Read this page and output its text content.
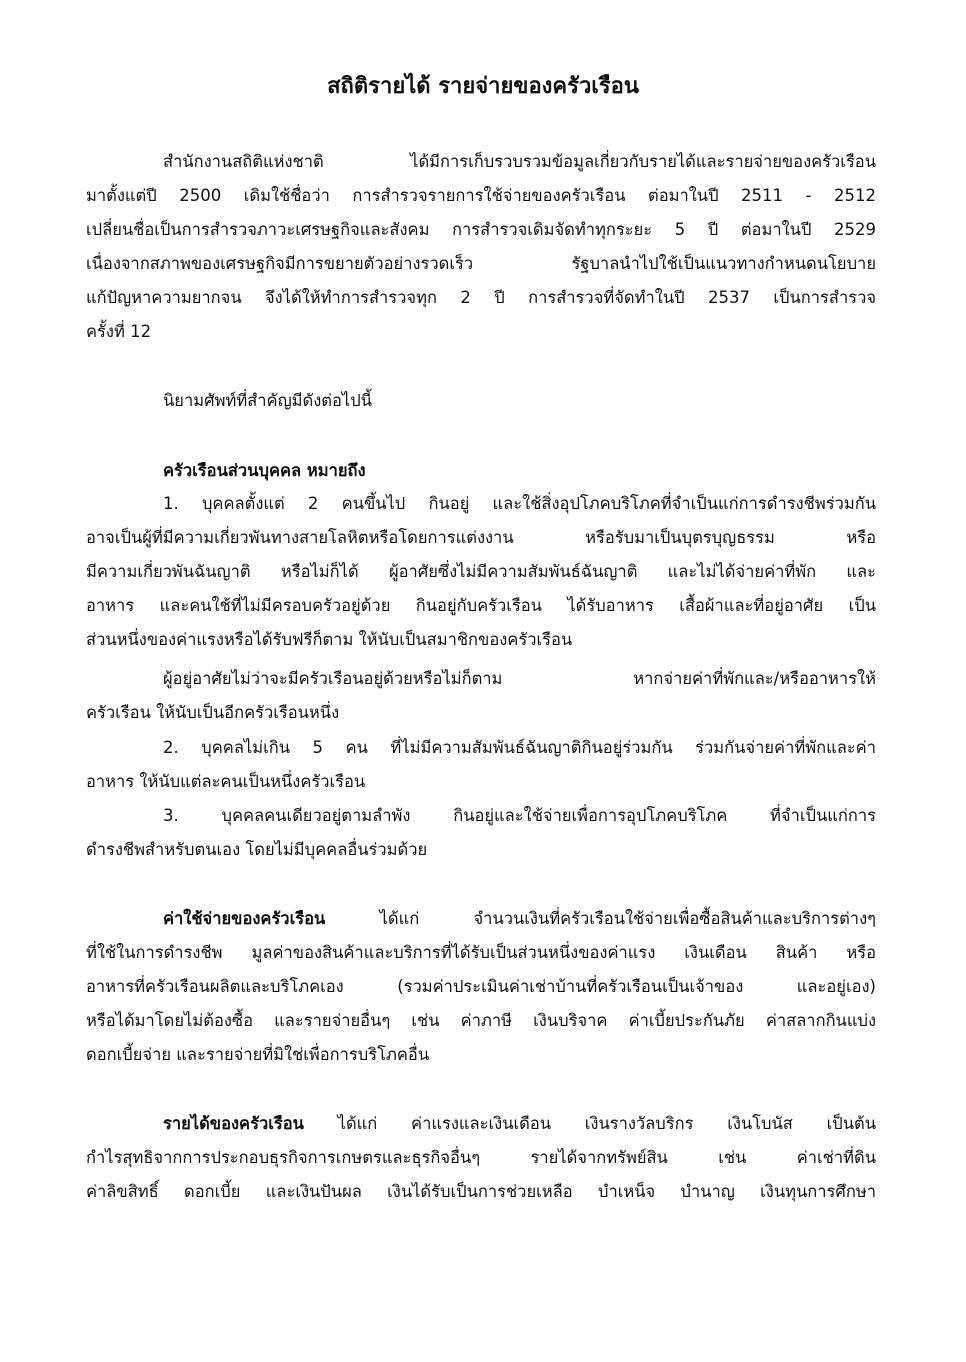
สถิติรายได้ รายจ่ายของครัวเรือน
สำนักงานสถิติแห่งชาติ ได้มีการเก็บรวบรวมข้อมูลเกี่ยวกับรายได้และรายจ่ายของครัวเรือน
มาตั้งแต่ปี 2500 เดิมใช้ชื่อว่า การสำรวจรายการใช้จ่ายของครัวเรือน ต่อมาในปี 2511 - 2512
เปลี่ยนชื่อเป็นการสำรวจภาวะเศรษฐกิจและสังคม การสำรวจเดิมจัดทำทุกระยะ 5 ปี ต่อมาในปี 2529
เนื่องจากสภาพของเศรษฐกิจมีการขยายตัวอย่างรวดเร็ว รัฐบาลนำไปใช้เป็นแนวทางกำหนดนโยบาย
แก้ปัญหาความยากจน จึงได้ให้ทำการสำรวจทุก 2 ปี การสำรวจที่จัดทำในปี 2537 เป็นการสำรวจ
ครั้งที่ 12
นิยามศัพท์ที่สำคัญมีดังต่อไปนี้
ครัวเรือนส่วนบุคคล หมายถึง
1. บุคคลตั้งแต่ 2 คนขึ้นไป กินอยู่ และใช้สิ่งอุปโภคบริโภคที่จำเป็นแก่การดำรงชีพร่วมกัน
อาจเป็นผู้ที่มีความเกี่ยวพันทางสายโลหิตหรือโดยการแต่งงาน หรือรับมาเป็นบุตรบุญธรรม หรือ
มีความเกี่ยวพันฉันญาติ หรือไม่ก็ได้ ผู้อาศัยซึ่งไม่มีความสัมพันธ์ฉันญาติ และไม่ได้จ่ายค่าที่พัก และ
อาหาร และคนใช้ที่ไม่มีครอบครัวอยู่ด้วย กินอยู่กับครัวเรือน ได้รับอาหาร เสื้อผ้าและที่อยู่อาศัย เป็น
ส่วนหนึ่งของค่าแรงหรือได้รับฟรีก็ตาม ให้นับเป็นสมาชิกของครัวเรือน
ผู้อยู่อาศัยไม่ว่าจะมีครัวเรือนอยู่ด้วยหรือไม่ก็ตาม หากจ่ายค่าที่พักและ/หรืออาหารให้
ครัวเรือน ให้นับเป็นอีกครัวเรือนหนึ่ง
2. บุคคลไม่เกิน 5 คน ที่ไม่มีความสัมพันธ์ฉันญาติกินอยู่ร่วมกัน ร่วมกันจ่ายค่าที่พักและค่า
อาหาร ให้นับแต่ละคนเป็นหนึ่งครัวเรือน
3. บุคคลคนเดียวอยู่ตามลำพัง กินอยู่และใช้จ่ายเพื่อการอุปโภคบริโภค ที่จำเป็นแก่การ
ดำรงชีพสำหรับตนเอง โดยไม่มีบุคคลอื่นร่วมด้วย
ค่าใช้จ่ายของครัวเรือน ได้แก่ จำนวนเงินที่ครัวเรือนใช้จ่ายเพื่อซื้อสินค้าและบริการต่างๆ
ที่ใช้ในการดำรงชีพ มูลค่าของสินค้าและบริการที่ได้รับเป็นส่วนหนึ่งของค่าแรง เงินเดือน สินค้า หรือ
อาหารที่ครัวเรือนผลิตและบริโภคเอง (รวมค่าประเมินค่าเช่าบ้านที่ครัวเรือนเป็นเจ้าของ และอยู่เอง)
หรือได้มาโดยไม่ต้องซื้อ และรายจ่ายอื่นๆ เช่น ค่าภาษี เงินบริจาค ค่าเบี้ยประกันภัย ค่าสลากกินแบ่ง
ดอกเบี้ยจ่าย และรายจ่ายที่มิใช่เพื่อการบริโภคอื่น
รายได้ของครัวเรือน ได้แก่ ค่าแรงและเงินเดือน เงินรางวัลบริกร เงินโบนัส เป็นต้น
กำไรสุทธิจากการประกอบธุรกิจการเกษตรและธุรกิจอื่นๆ รายได้จากทรัพย์สิน เช่น ค่าเช่าที่ดิน
ค่าลิขสิทธิ์ ดอกเบี้ย และเงินปันผล เงินได้รับเป็นการช่วยเหลือ บำเหน็จ บำนาญ เงินทุนการศึกษา
